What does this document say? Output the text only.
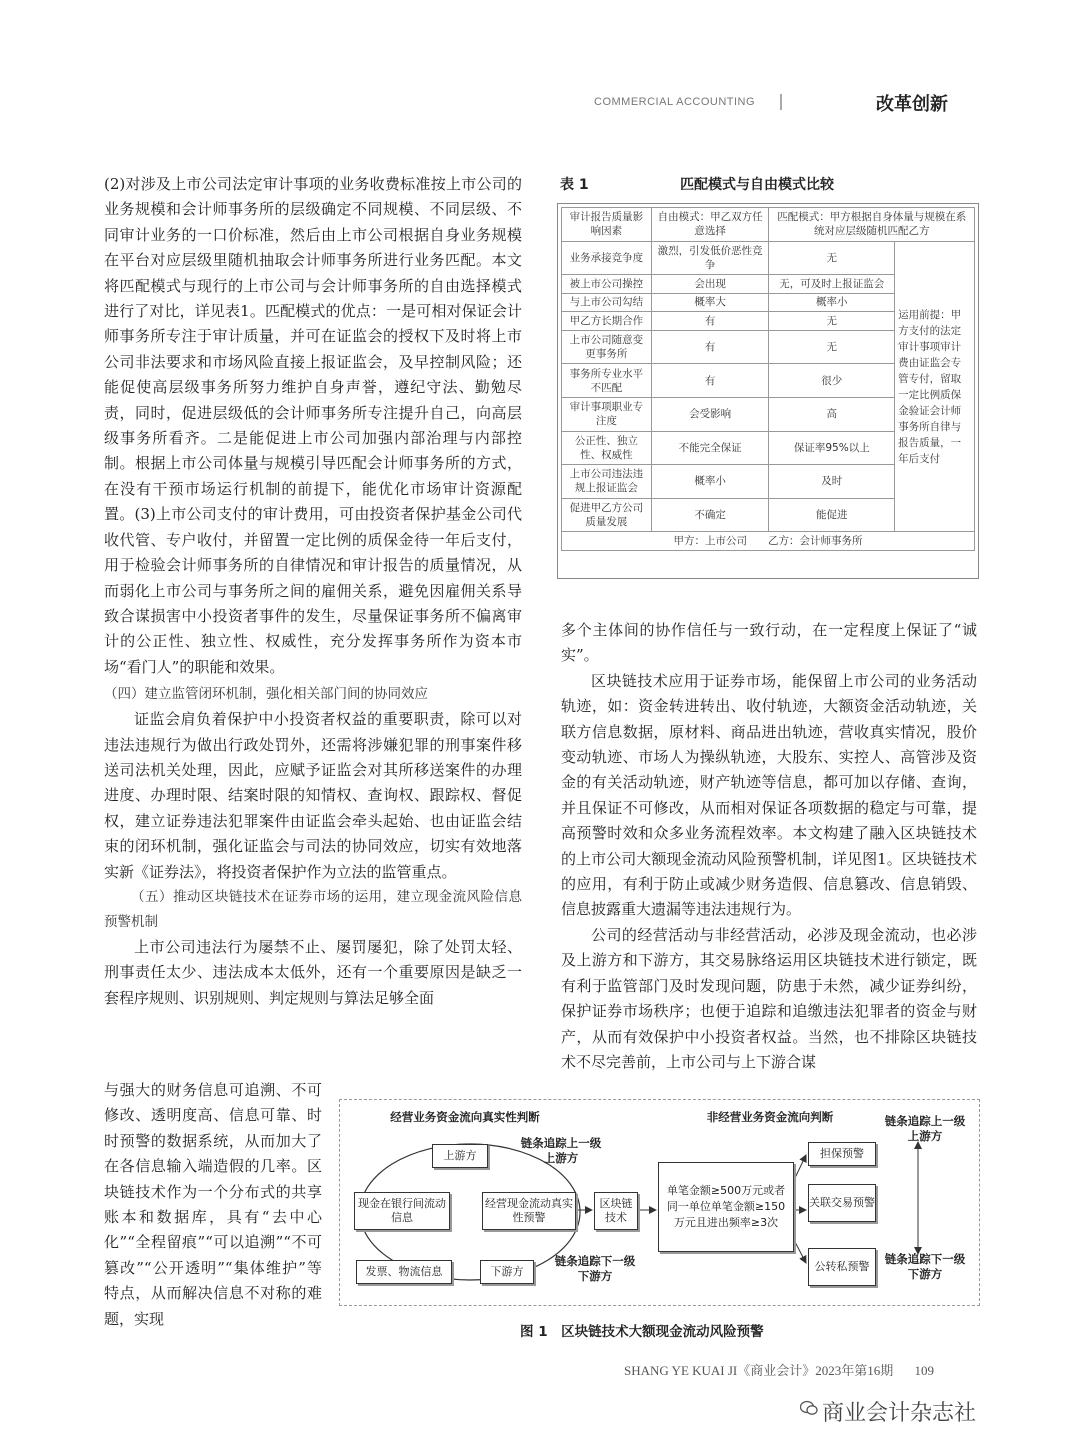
COMMERCIAL ACCOUNTING	改革创新

(2)对涉及上市公司法定审计事项的业务收费标准按上市公司的业务规模和会计师事务所的层级确定不同规模、不同层级、不同审计业务的一口价标准，然后由上市公司根据自身业务规模在平台对应层级里随机抽取会计师事务所进行业务匹配。本文将匹配模式与现行的上市公司与会计师事务所的自由选择模式进行了对比，详见表1。匹配模式的优点：一是可相对保证会计师事务所专注于审计质量，并可在证监会的授权下及时将上市公司非法要求和市场风险直接上报证监会，及早控制风险；还能促使高层级事务所努力维护自身声誉，遵纪守法、勤勉尽责，同时，促进层级低的会计师事务所专注提升自己，向高层级事务所看齐。二是能促进上市公司加强内部治理与内部控制。根据上市公司体量与规模引导匹配会计师事务所的方式，在没有干预市场运行机制的前提下，能优化市场审计资源配置。(3)上市公司支付的审计费用，可由投资者保护基金公司代收代管、专户收付，并留置一定比例的质保金待一年后支付，用于检验会计师事务所的自律情况和审计报告的质量情况，从而弱化上市公司与事务所之间的雇佣关系，避免因雇佣关系导致合谋损害中小投资者事件的发生，尽量保证事务所不偏离审计的公正性、独立性、权威性，充分发挥事务所作为资本市场“看门人”的职能和效果。

（四）建立监管闭环机制，强化相关部门间的协同效应

证监会肩负着保护中小投资者权益的重要职责，除可以对违法违规行为做出行政处罚外，还需将涉嫌犯罪的刑事案件移送司法机关处理，因此，应赋予证监会对其所移送案件的办理进度、办理时限、结案时限的知情权、查询权、跟踪权、督促权，建立证券违法犯罪案件由证监会牵头起始、也由证监会结束的闭环机制，强化证监会与司法的协同效应，切实有效地落实新《证券法》，将投资者保护作为立法的监管重点。

（五）推动区块链技术在证券市场的运用，建立现金流风险信息预警机制

上市公司违法行为屡禁不止、屡罚屡犯，除了处罚太轻、刑事责任太少、违法成本太低外，还有一个重要原因是缺乏一套程序规则、识别规则、判定规则与算法足够全面

与强大的财务信息可追溯、不可修改、透明度高、信息可靠、时时预警的数据系统，从而加大了在各信息输入端造假的几率。区块链技术作为一个分布式的共享账本和数据库，具有“去中心化”“全程留痕”“可以追溯”“不可篡改”“公开透明”“集体维护”等特点，从而解决信息不对称的难题，实现

多个主体间的协作信任与一致行动，在一定程度上保证了“诚实”。

区块链技术应用于证券市场，能保留上市公司的业务活动轨迹，如：资金转进转出、收付轨迹，大额资金活动轨迹，关联方信息数据，原材料、商品进出轨迹，营收真实情况，股价变动轨迹、市场人为操纵轨迹，大股东、实控人、高管涉及资金的有关活动轨迹，财产轨迹等信息，都可加以存储、查询，并且保证不可修改，从而相对保证各项数据的稳定与可靠，提高预警时效和众多业务流程效率。本文构建了融入区块链技术的上市公司大额现金流动风险预警机制，详见图1。区块链技术的应用，有利于防止或减少财务造假、信息篡改、信息销毁、信息披露重大遗漏等违法违规行为。

公司的经营活动与非经营活动，必涉及现金流动，也必涉及上游方和下游方，其交易脉络运用区块链技术进行锁定，既有利于监管部门及时发现问题，防患于未然，减少证券纠纷，保护证券市场秩序；也便于追踪和追缴违法犯罪者的资金与财产，从而有效保护中小投资者权益。当然，也不排除区块链技术不尽完善前，上市公司与上下游合谋

表 1	匹配模式与自由模式比较
审计报告质量影响因素	自由模式：甲乙双方任意选择	匹配模式：甲方根据自身体量与规模在系统对应层级随机匹配乙方	
业务承接竞争度	激烈，引发低价恶性竞争	无	运用前提：甲方支付的法定审计事项审计费由证监会专管专付，留取一定比例质保金验证会计师事务所自律与报告质量，一年后支付
被上市公司操控	会出现	无，可及时上报证监会	
与上市公司勾结	概率大	概率小	
甲乙方长期合作	有	无	
上市公司随意变更事务所	有	无	
事务所专业水平不匹配	有	很少	
审计事项职业专注度	会受影响	高	
公正性、独立性、权威性	不能完全保证	保证率95%以上	
上市公司违法违规上报证监会	概率小	及时	
促进甲乙方公司质量发展	不确定	能促进	
甲方：上市公司　　乙方：会计师事务所			
经营业务资金流向真实性判断	非经营业务资金流向判断
上游方
现金在银行间流动信息
经营现金流动真实性预警
发票、物流信息	下游方
区块链技术
单笔金额≥500万元或者同一单位单笔金额≥150万元且进出频率≥3次
担保预警
关联交易预警
公转私预警
链条追踪上一级上游方
链条追踪下一级下游方
链条追踪上一级上游方
链条追踪下一级下游方
图 1　区块链技术大额现金流动风险预警
SHANG YE KUAI JI《商业会计》2023年第16期 109
商业会计杂志社
